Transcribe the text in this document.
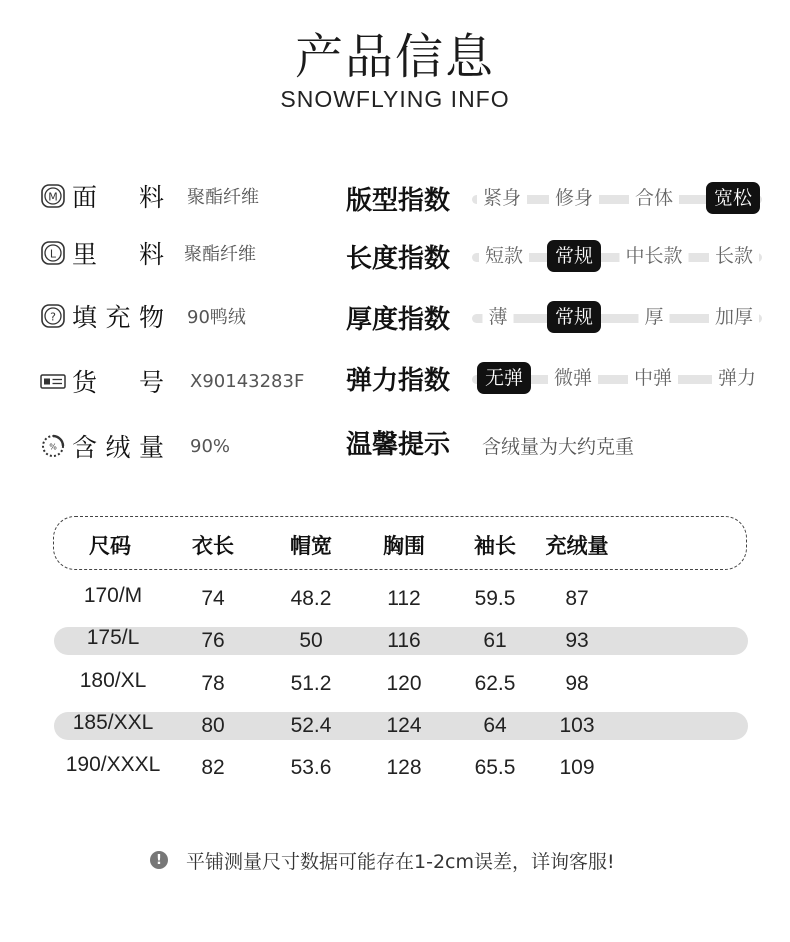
产品信息
SNOWFLYING INFO
M 面 料 聚酯纤维
L 里 料 聚酯纤维
? 填 充 物 90鸭绒
货 号 X90143283F
% 含 绒 量 90%
版型指数	紧身	修身	合体	宽松
长度指数	短款	常规	中长款	长款
厚度指数	薄	常规	厚	加厚
弹力指数	无弹	微弹	中弹	弹力
温馨提示 含绒量为大约克重
尺码	衣长	帽宽 胸围 袖长 充绒量
170/M	74	48.2	112	59.5 87
175/L	76	50	116	61	93
180/XL	78	51.2	120	62.5 98
185/XXL 80	52.4	124	64	103
190/XXXL 82	53.6	128	65.5 109
!	平铺测量尺寸数据可能存在1-2cm误差，详询客服!
